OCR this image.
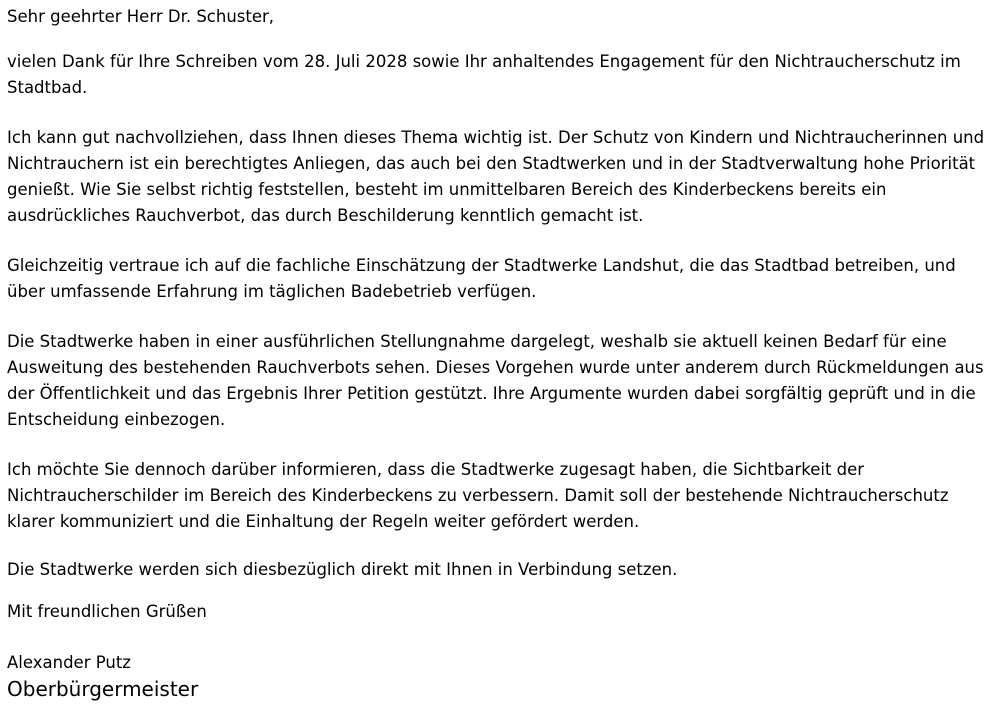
Sehr geehrter Herr Dr. Schuster,

vielen Dank für Ihre Schreiben vom 28. Juli 2028 sowie Ihr anhaltendes Engagement für den Nichtraucherschutz im Stadtbad.

Ich kann gut nachvollziehen, dass Ihnen dieses Thema wichtig ist. Der Schutz von Kindern und Nichtraucherinnen und Nichtrauchern ist ein berechtigtes Anliegen, das auch bei den Stadtwerken und in der Stadtverwaltung hohe Priorität genießt. Wie Sie selbst richtig feststellen, besteht im unmittelbaren Bereich des Kinderbeckens bereits ein ausdrückliches Rauchverbot, das durch Beschilderung kenntlich gemacht ist.

Gleichzeitig vertraue ich auf die fachliche Einschätzung der Stadtwerke Landshut, die das Stadtbad betreiben, und über umfassende Erfahrung im täglichen Badebetrieb verfügen.

Die Stadtwerke haben in einer ausführlichen Stellungnahme dargelegt, weshalb sie aktuell keinen Bedarf für eine Ausweitung des bestehenden Rauchverbots sehen. Dieses Vorgehen wurde unter anderem durch Rückmeldungen aus der Öffentlichkeit und das Ergebnis Ihrer Petition gestützt. Ihre Argumente wurden dabei sorgfältig geprüft und in die Entscheidung einbezogen.

Ich möchte Sie dennoch darüber informieren, dass die Stadtwerke zugesagt haben, die Sichtbarkeit der Nichtraucherschilder im Bereich des Kinderbeckens zu verbessern. Damit soll der bestehende Nichtraucherschutz klarer kommuniziert und die Einhaltung der Regeln weiter gefördert werden.

Die Stadtwerke werden sich diesbezüglich direkt mit Ihnen in Verbindung setzen.

Mit freundlichen Grüßen

Alexander Putz

Oberbürgermeister
